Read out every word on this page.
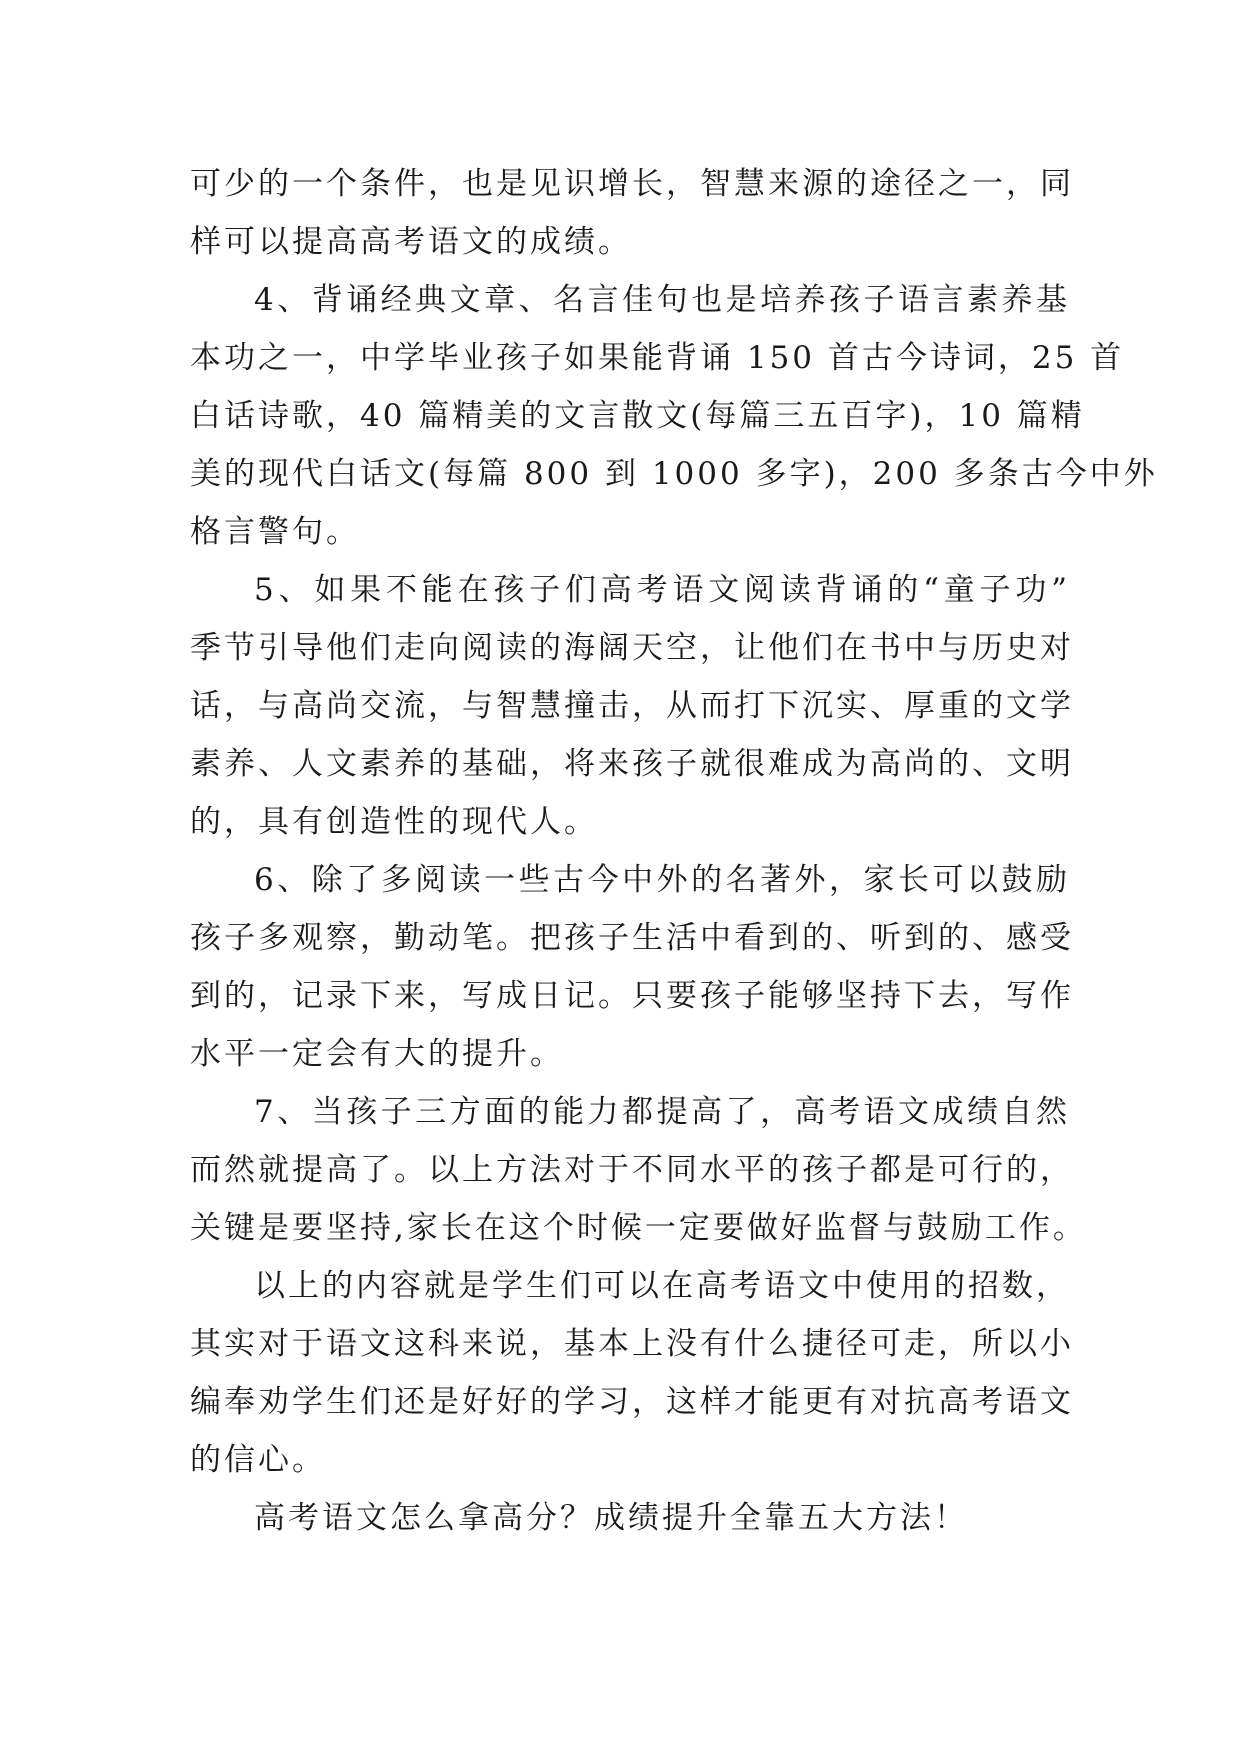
可少的一个条件，也是见识增长，智慧来源的途径之一，同
样可以提高高考语文的成绩。
4、背诵经典文章、名言佳句也是培养孩子语言素养基
本功之一，中学毕业孩子如果能背诵 150 首古今诗词，25 首
白话诗歌，40 篇精美的文言散文(每篇三五百字)，10 篇精
美的现代白话文(每篇 800 到 1000 多字)，200 多条古今中外
格言警句。
5、如果不能在孩子们高考语文阅读背诵的“童子功”
季节引导他们走向阅读的海阔天空，让他们在书中与历史对
话，与高尚交流，与智慧撞击，从而打下沉实、厚重的文学
素养、人文素养的基础，将来孩子就很难成为高尚的、文明
的，具有创造性的现代人。
6、除了多阅读一些古今中外的名著外，家长可以鼓励
孩子多观察，勤动笔。把孩子生活中看到的、听到的、感受
到的，记录下来，写成日记。只要孩子能够坚持下去，写作
水平一定会有大的提升。
7、当孩子三方面的能力都提高了，高考语文成绩自然
而然就提高了。以上方法对于不同水平的孩子都是可行的，
关键是要坚持,家长在这个时候一定要做好监督与鼓励工作。
以上的内容就是学生们可以在高考语文中使用的招数，
其实对于语文这科来说，基本上没有什么捷径可走，所以小
编奉劝学生们还是好好的学习，这样才能更有对抗高考语文
的信心。
高考语文怎么拿高分？成绩提升全靠五大方法！
